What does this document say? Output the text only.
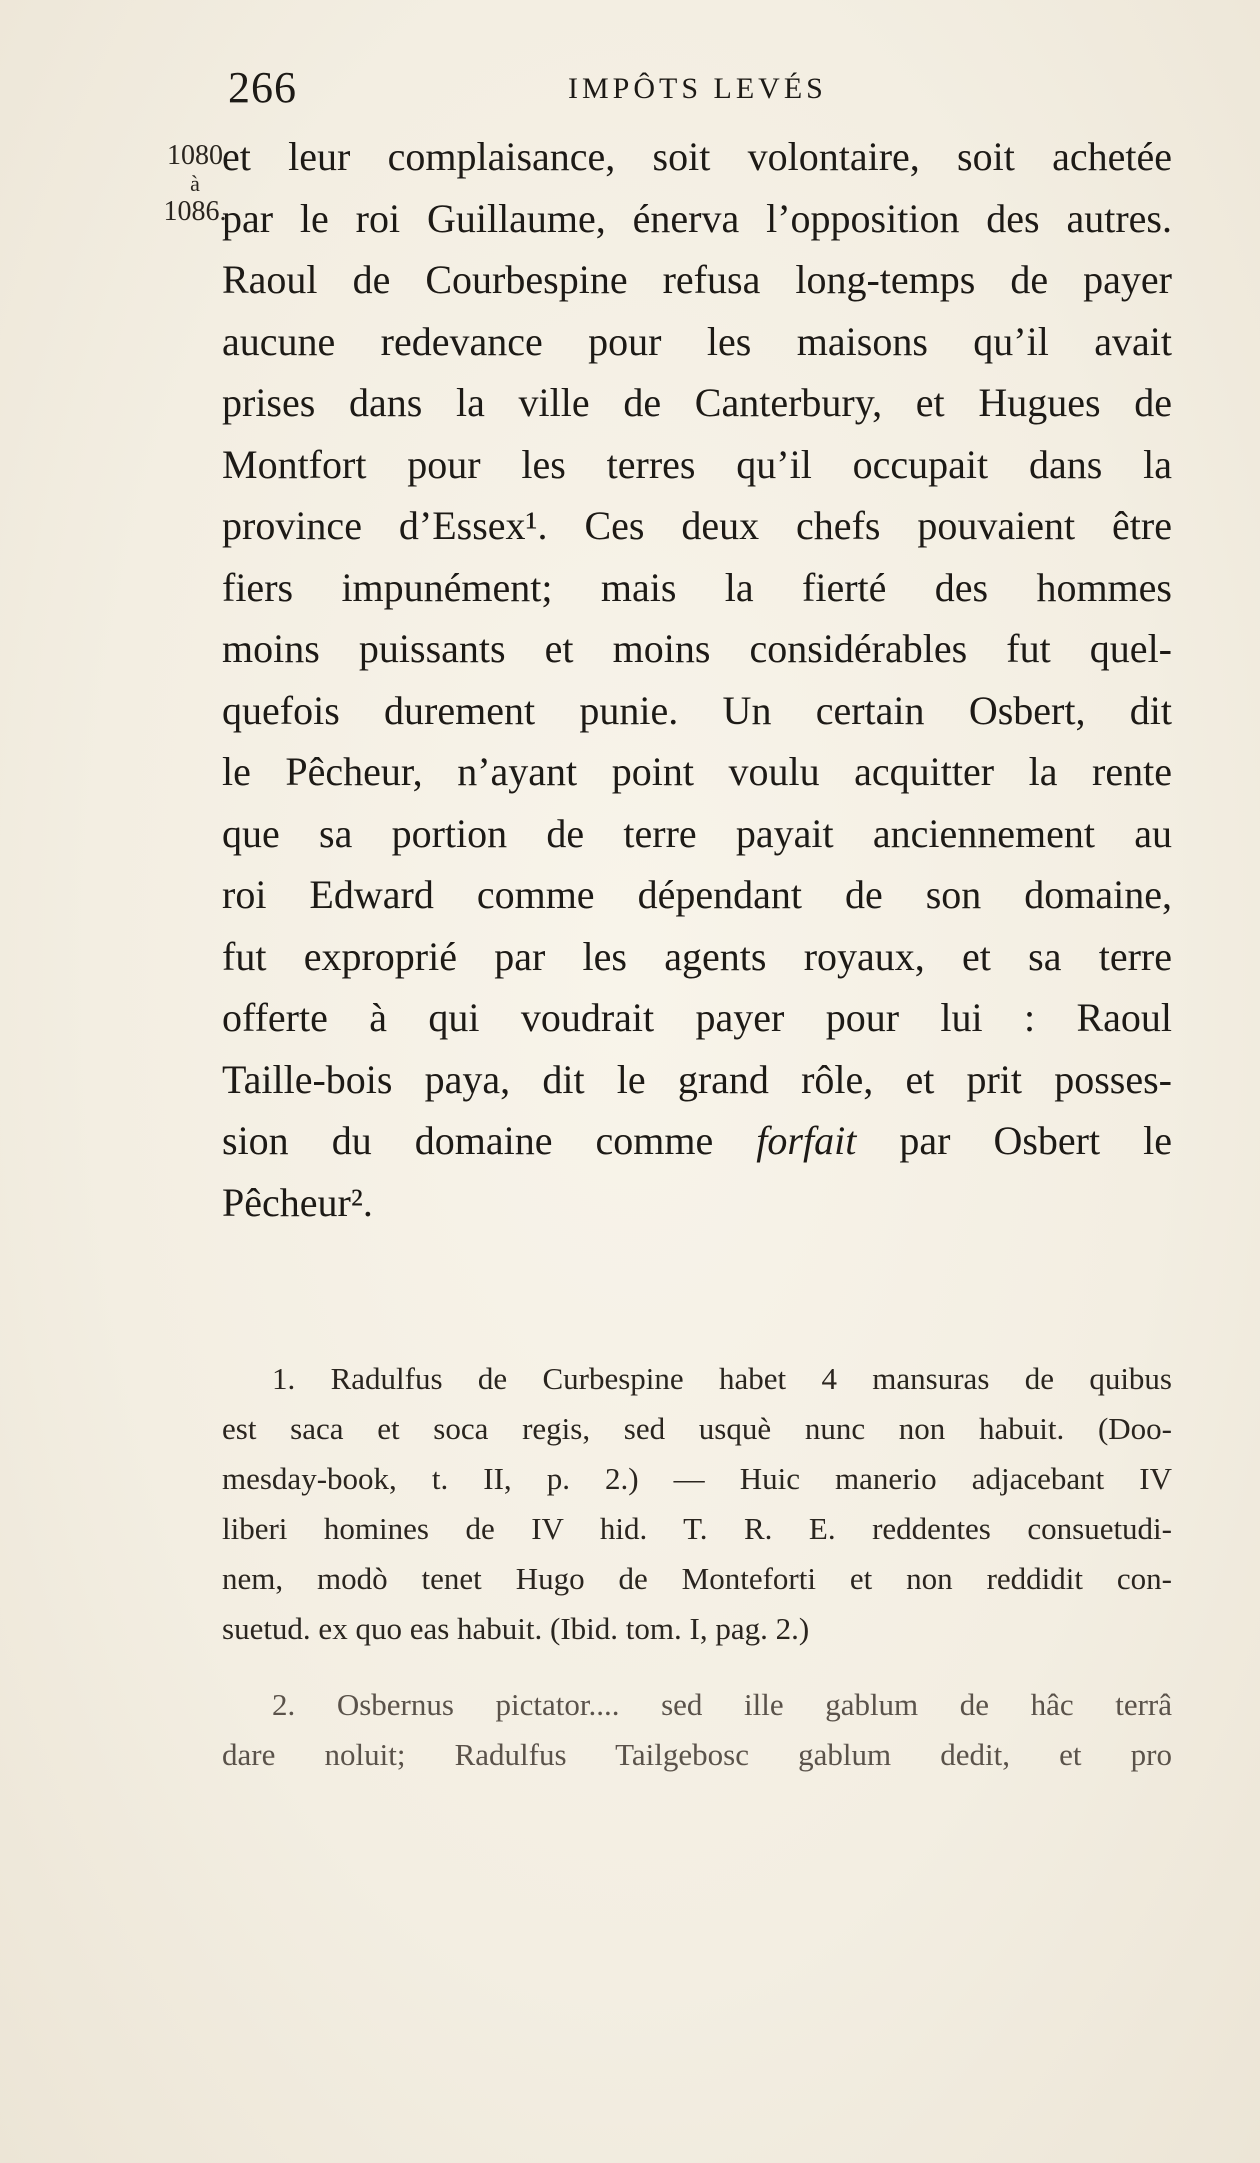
266	IMPÔTS LEVÉS
1080
à
1086.
et leur complaisance, soit volontaire, soit achetée
par le roi Guillaume, énerva l’opposition des autres.
Raoul de Courbespine refusa long-temps de payer
aucune redevance pour les maisons qu’il avait
prises dans la ville de Canterbury, et Hugues de
Montfort pour les terres qu’il occupait dans la
province d’Essex¹. Ces deux chefs pouvaient être
fiers impunément; mais la fierté des hommes
moins puissants et moins considérables fut quel-
quefois durement punie. Un certain Osbert, dit
le Pêcheur, n’ayant point voulu acquitter la rente
que sa portion de terre payait anciennement au
roi Edward comme dépendant de son domaine,
fut exproprié par les agents royaux, et sa terre
offerte à qui voudrait payer pour lui : Raoul
Taille-bois paya, dit le grand rôle, et prit posses-
sion du domaine comme forfait par Osbert le
Pêcheur².
1. Radulfus de Curbespine habet 4 mansuras de quibus
est saca et soca regis, sed usquè nunc non habuit. (Doo-
mesday-book, t. II, p. 2.) — Huic manerio adjacebant IV
liberi homines de IV hid. T. R. E. reddentes consuetudi-
nem, modò tenet Hugo de Monteforti et non reddidit con-
suetud. ex quo eas habuit. (Ibid. tom. I, pag. 2.)
2. Osbernus pictator.... sed ille gablum de hâc terrâ
dare noluit; Radulfus Tailgebosc gablum dedit, et pro
